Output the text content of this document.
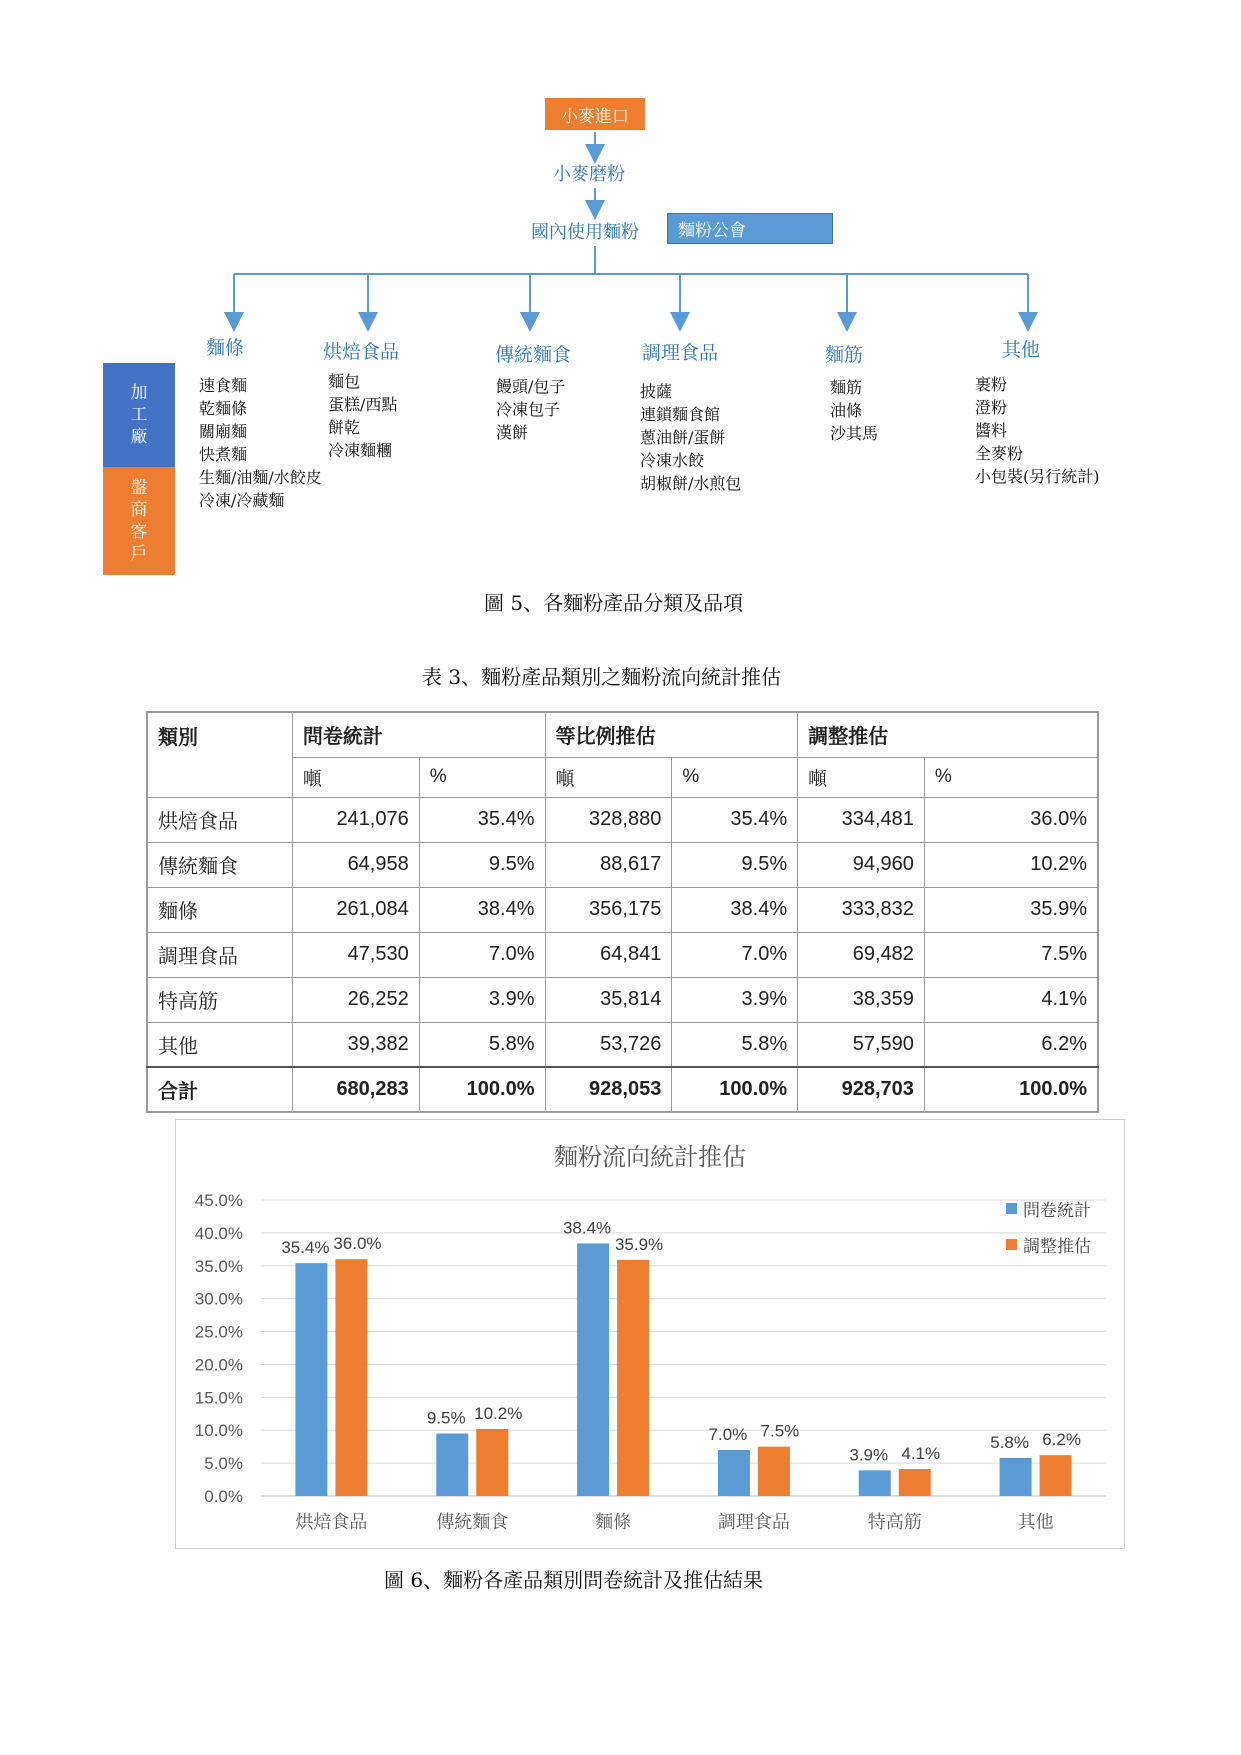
小麥進口
小麥磨粉
國內使用麵粉	麵粉公會
麵條	烘焙食品	傳統麵食	調理食品	麵筋	其他
速食麵
乾麵條
關廟麵
快煮麵
生麵/油麵/水餃皮
冷凍/冷藏麵
麵包
蛋糕/西點
餅乾
冷凍麵糰
饅頭/包子
冷凍包子
漢餅
披薩
連鎖麵食館
蔥油餅/蛋餅
冷凍水餃
胡椒餅/水煎包
麵筋
油條
沙其馬
裹粉
澄粉
醬料
全麥粉
小包裝(另行統計)
加
工
廠
盤
商
客
戶
圖 5、各麵粉產品分類及品項
表 3、麵粉產品類別之麵粉流向統計推估
類別	問卷統計		等比例推估		調整推估	
	噸	%	噸	%	噸	%
烘焙食品	241,076	35.4%	328,880	35.4%	334,481	36.0%
傳統麵食	64,958	9.5%	88,617	9.5%	94,960	10.2%
麵條	261,084	38.4%	356,175	38.4%	333,832	35.9%
調理食品	47,530	7.0%	64,841	7.0%	69,482	7.5%
特高筋	26,252	3.9%	35,814	3.9%	38,359	4.1%
其他	39,382	5.8%	53,726	5.8%	57,590	6.2%
合計	680,283	100.0%	928,053	100.0%	928,703	100.0%
麵粉流向統計推估
0.0%
5.0%
10.0%
15.0%
20.0%
25.0%
30.0%
35.0%
40.0%
45.0%
35.4% 36.0%
烘焙食品
9.5% 10.2%
傳統麵食
38.4%
35.9%
麵條
7.0% 7.5%
調理食品
3.9% 4.1%
特高筋
5.8% 6.2%
其他
問卷統計
調整推估
圖 6、麵粉各產品類別問卷統計及推估結果
